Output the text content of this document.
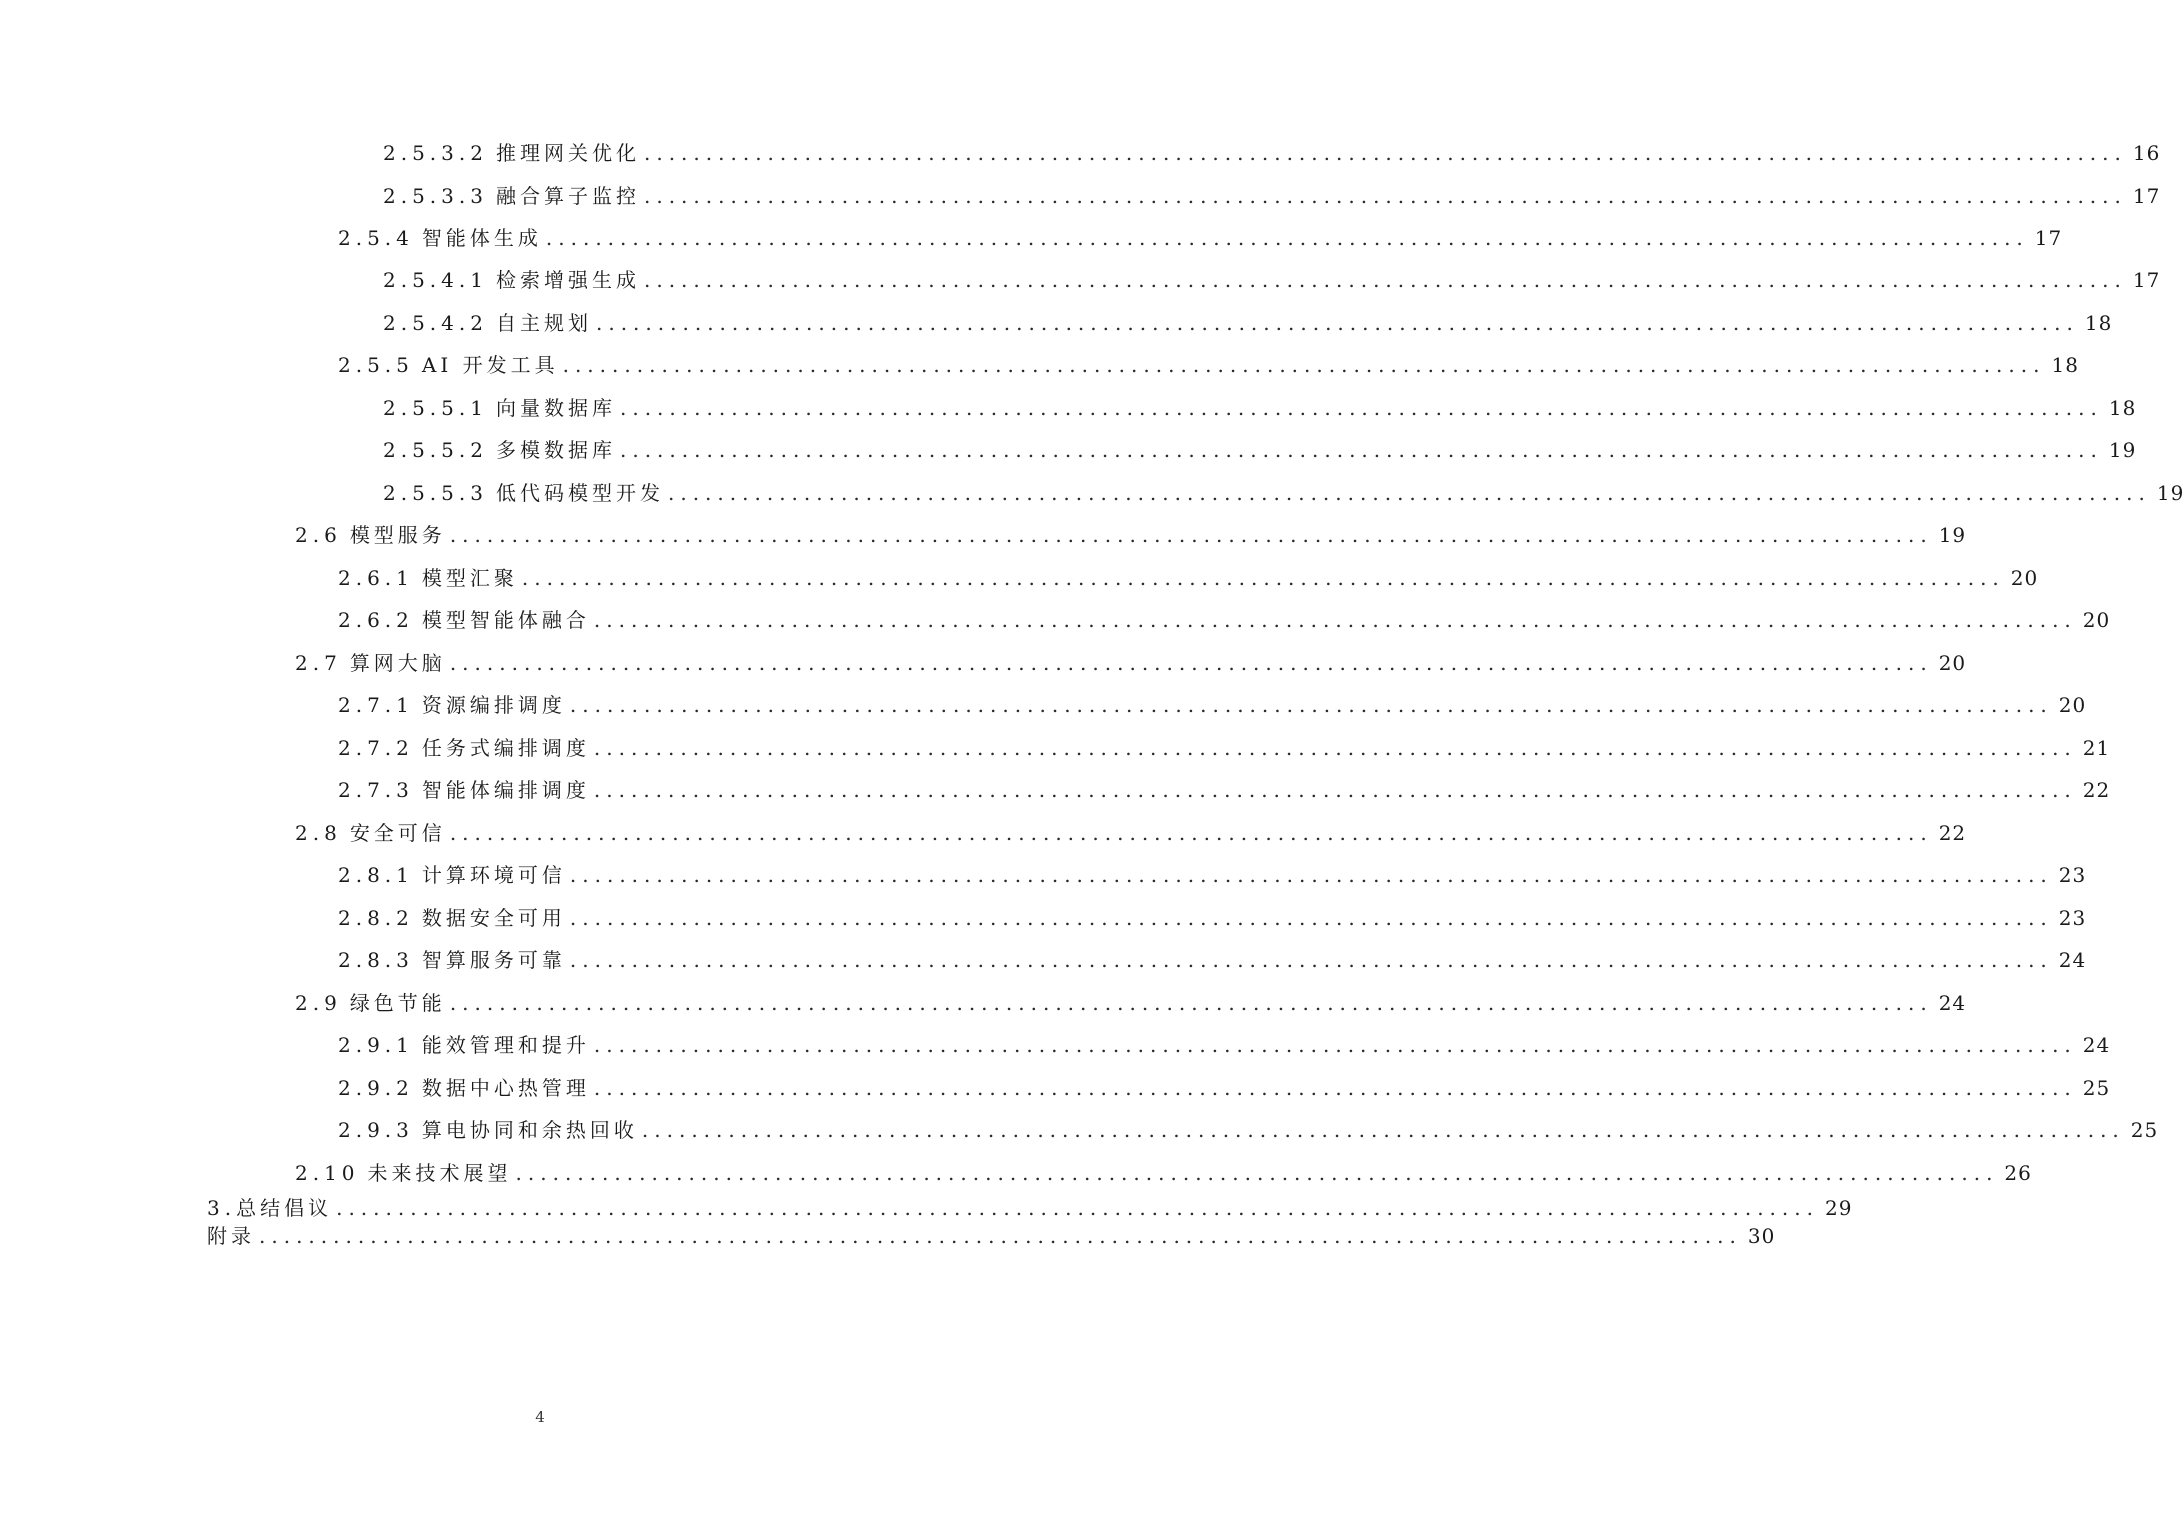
2.5.3.2 推理网关优化 ........................................................................................................................ 16
2.5.3.3 融合算子监控 ........................................................................................................................ 17
2.5.4 智能体生成 ........................................................................................................................ 17
2.5.4.1 检索增强生成 ........................................................................................................................ 17
2.5.4.2 自主规划 ........................................................................................................................ 18
2.5.5 AI 开发工具 ........................................................................................................................ 18
2.5.5.1 向量数据库 ........................................................................................................................ 18
2.5.5.2 多模数据库 ........................................................................................................................ 19
2.5.5.3 低代码模型开发 ........................................................................................................................ 19
2.6 模型服务 ........................................................................................................................ 19
2.6.1 模型汇聚 ........................................................................................................................ 20
2.6.2 模型智能体融合 ........................................................................................................................ 20
2.7 算网大脑 ........................................................................................................................ 20
2.7.1 资源编排调度 ........................................................................................................................ 20
2.7.2 任务式编排调度 ........................................................................................................................ 21
2.7.3 智能体编排调度 ........................................................................................................................ 22
2.8 安全可信 ........................................................................................................................ 22
2.8.1 计算环境可信 ........................................................................................................................ 23
2.8.2 数据安全可用 ........................................................................................................................ 23
2.8.3 智算服务可靠 ........................................................................................................................ 24
2.9 绿色节能 ........................................................................................................................ 24
2.9.1 能效管理和提升 ........................................................................................................................ 24
2.9.2 数据中心热管理 ........................................................................................................................ 25
2.9.3 算电协同和余热回收 ........................................................................................................................ 25
2.10 未来技术展望 ........................................................................................................................ 26
3. 总结倡议 ........................................................................................................................ 29
附录 ........................................................................................................................ 30
4
